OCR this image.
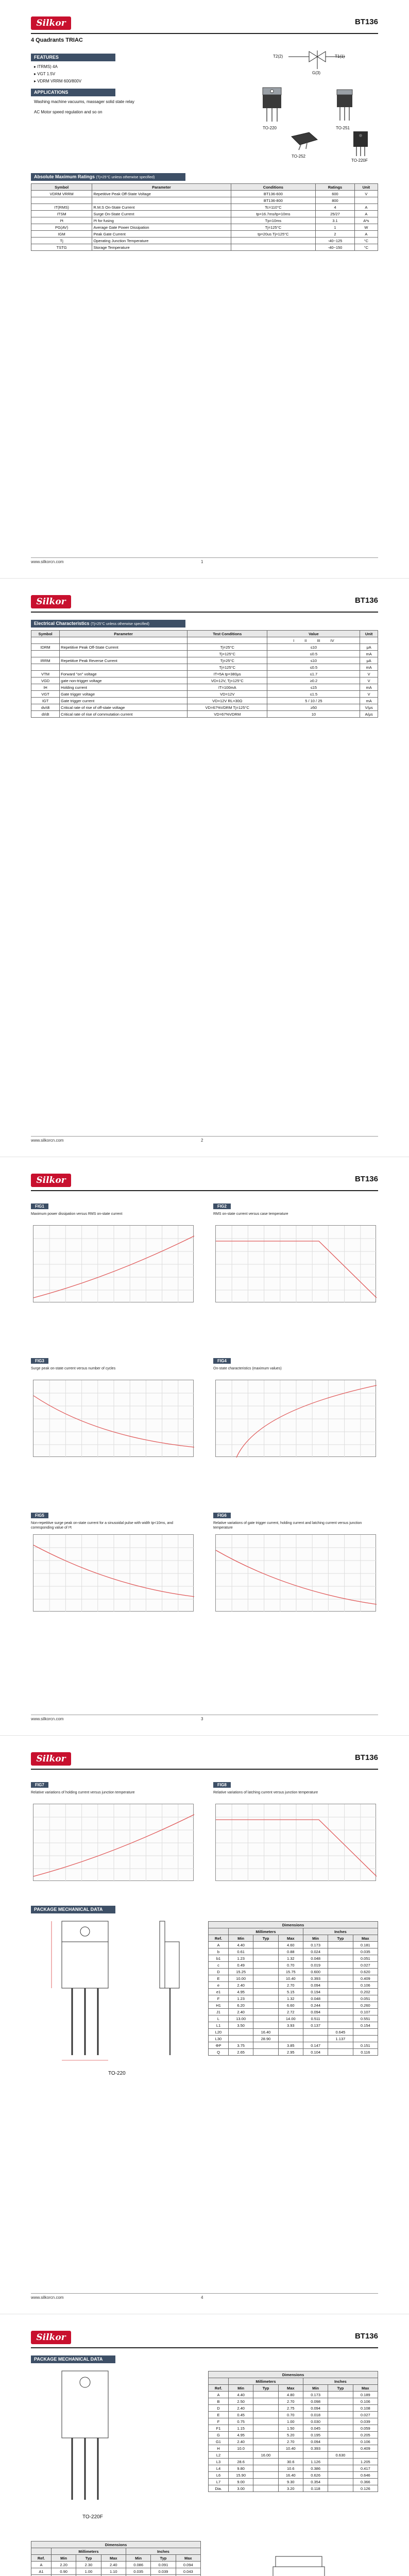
Silkor	BT136
4 Quadrants TRIAC
FEATURES
▸ ITRMS) 4A
▸ VGT 1.5V
▸ VDRM VRRM 600/800V
APPLICATIONS
Washing machine vacuums, massager solid state relay
AC Motor speed regulation and so on
T2(2)	T1(1)
G(3)
TO-220	TO-251
TO-252
TO-220F
Absolute Maximum Ratings (Tj=25°C unless otherwise specified)
Symbol	Parameter	Conditions	Ratings	Unit
VDRM VRRM	Repetitive Peak Off-State Voltage	BT136-600	600	V
		BT136-800	800	
IT(RMS)	R.M.S On-State Current	Tc=110°C	4	A
ITSM	Surge On-State Current	tp=16.7ms/tp=10ms	25/27	A
I²t	I²t for fusing	Tp=10ms	3.1	A²s
PG(AV)	Average Gate Power Dissipation	Tj=125°C	1	W
IGM	Peak Gate Current	tp=20us Tj=125°C	2	A
Tj	Operating Junction Temperature		-40~125	°C
TSTG	Storage Temperature		-40~150	°C
www.silkorcn.com	1
Silkor	BT136
Electrical Characteristics (Tj=25°C unless otherwise specified)
Symbol	Parameter	Test Conditions	Value	Unit
			I II III IV	
IDRM	Repetitive Peak Off-State Current	Tj=25°C	≤10	μA
		Tj=125°C	≤0.5	mA
IRRM	Repetitive Peak Reverse Current	Tj=25°C	≤10	μA
		Tj=125°C	≤0.5	mA
VTM	Forward "on" voltage	IT=5A tp=380μs	≤1.7	V
VGD	gate non-trigger voltage	VD=12V, Tj=125°C	≥0.2	V
IH	Holding current	IT=100mA	≤15	mA
VGT	Gate trigger voltage	VD=12V	≤1.5	V
IGT	Gate trigger current	VD=12V RL=30Ω	5 / 10 / 25	mA
dv/dt	Critical rate of rise of off-state voltage	VD=67%VDRM Tj=125°C	≥50	V/μs
dI/dt	Critical rate of rise of commutation current	VD=67%VDRM	10	A/μs
www.silkorcn.com	2
Silkor	BT136
FIG1
Maximum power dissipation versus RMS on-state current
FIG2
RMS on-state current versus case temperature
FIG3
Surge peak on-state current versus number of cycles
FIG4
On-state characteristics (maximum values)
FIG5
Non-repetitive surge peak on-state current for a sinusoidal pulse with width tp<10ms, and corresponding value of I²t
FIG6
Relative variations of gate trigger current, holding current and latching current versus junction temperature
www.silkorcn.com	3
Silkor	BT136
FIG7
Relative variations of holding current versus junction temperature
FIG8
Relative variations of latching current versus junction temperature
PACKAGE MECHANICAL DATA
TO-220
Dimensions						
	Millimeters			Inches		
Ref.	Min	Typ	Max	Min	Typ	Max
A	4.40		4.60	0.173		0.181
b	0.61		0.88	0.024		0.035
b1	1.23		1.32	0.048		0.051
c	0.49		0.70	0.019		0.027
D	15.25		15.75	0.600		0.620
E	10.00		10.40	0.393		0.409
e	2.40		2.70	0.094		0.106
e1	4.95		5.15	0.194		0.202
F	1.23		1.32	0.048		0.051
H1	6.20		6.60	0.244		0.260
J1	2.40		2.72	0.094		0.107
L	13.00		14.00	0.511		0.551
L1	3.50		3.93	0.137		0.154
L20		16.40			0.645	
L30		28.90			1.137	
ΦP	3.75		3.85	0.147		0.151
Q	2.65		2.95	0.104		0.116
www.silkorcn.com	4
Silkor	BT136
PACKAGE MECHANICAL DATA
TO-220F
Dimensions						
	Millimeters			Inches		
Ref.	Min	Typ	Max	Min	Typ	Max
A	4.40		4.80	0.173		0.189
B	2.50		2.70	0.098		0.106
D	2.40		2.75	0.094		0.108
E	0.45		0.70	0.018		0.027
F	0.75		1.00	0.030		0.039
F1	1.15		1.50	0.045		0.059
G	4.95		5.20	0.195		0.205
G1	2.40		2.70	0.094		0.106
H	10.0		10.40	0.393		0.409
L2		16.00			0.630	
L3	28.6		30.6	1.126		1.205
L4	9.80		10.6	0.386		0.417
L6	15.90		16.40	0.626		0.646
L7	9.00		9.30	0.354		0.366
Dia.	3.00		3.20	0.118		0.126
Dimensions						
	Millimeters			Inches		
Ref.	Min	Typ	Max	Min	Typ	Max
A	2.20	2.30	2.40	0.086	0.091	0.094
A1	0.90	1.00	1.10	0.035	0.039	0.043
